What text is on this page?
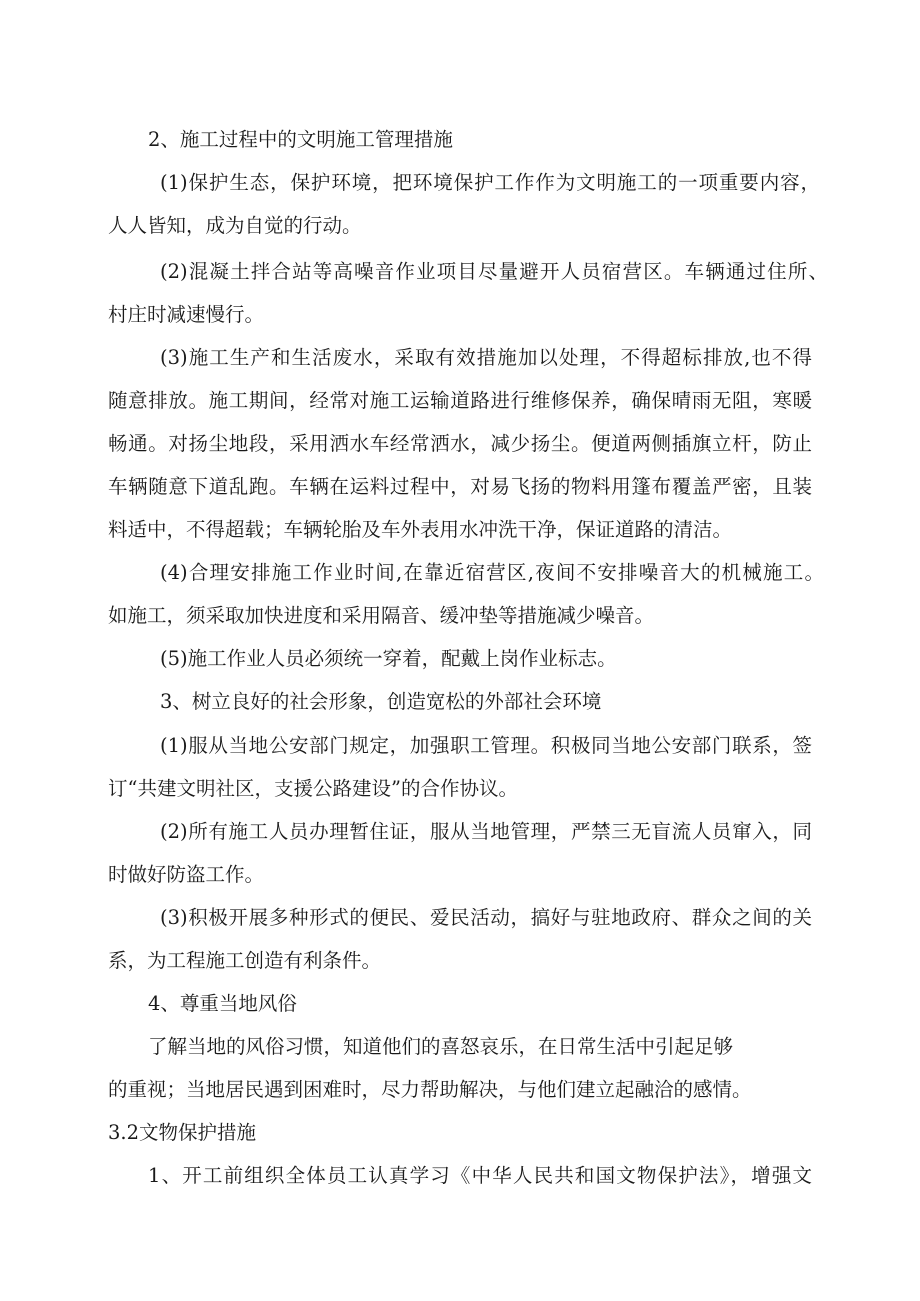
2、施工过程中的文明施工管理措施
(1)保护生态，保护环境，把环境保护工作作为文明施工的一项重要内容，
人人皆知，成为自觉的行动。
(2)混凝土拌合站等高噪音作业项目尽量避开人员宿营区。车辆通过住所、
村庄时减速慢行。
(3)施工生产和生活废水，采取有效措施加以处理，不得超标排放,也不得
随意排放。施工期间，经常对施工运输道路进行维修保养，确保晴雨无阻，寒暖
畅通。对扬尘地段，采用洒水车经常洒水，减少扬尘。便道两侧插旗立杆，防止
车辆随意下道乱跑。车辆在运料过程中，对易飞扬的物料用篷布覆盖严密，且装
料适中，不得超载；车辆轮胎及车外表用水冲洗干净，保证道路的清洁。
(4)合理安排施工作业时间,在靠近宿营区,夜间不安排噪音大的机械施工。
如施工，须采取加快进度和采用隔音、缓冲垫等措施减少噪音。
(5)施工作业人员必须统一穿着，配戴上岗作业标志。
3、树立良好的社会形象，创造宽松的外部社会环境
(1)服从当地公安部门规定，加强职工管理。积极同当地公安部门联系，签
订“共建文明社区，支援公路建设”的合作协议。
(2)所有施工人员办理暂住证，服从当地管理，严禁三无盲流人员窜入，同
时做好防盗工作。
(3)积极开展多种形式的便民、爱民活动，搞好与驻地政府、群众之间的关
系，为工程施工创造有利条件。
4、尊重当地风俗
了解当地的风俗习惯，知道他们的喜怒哀乐，在日常生活中引起足够
的重视；当地居民遇到困难时，尽力帮助解决，与他们建立起融洽的感情。
3.2文物保护措施
1、开工前组织全体员工认真学习《中华人民共和国文物保护法》，增强文
